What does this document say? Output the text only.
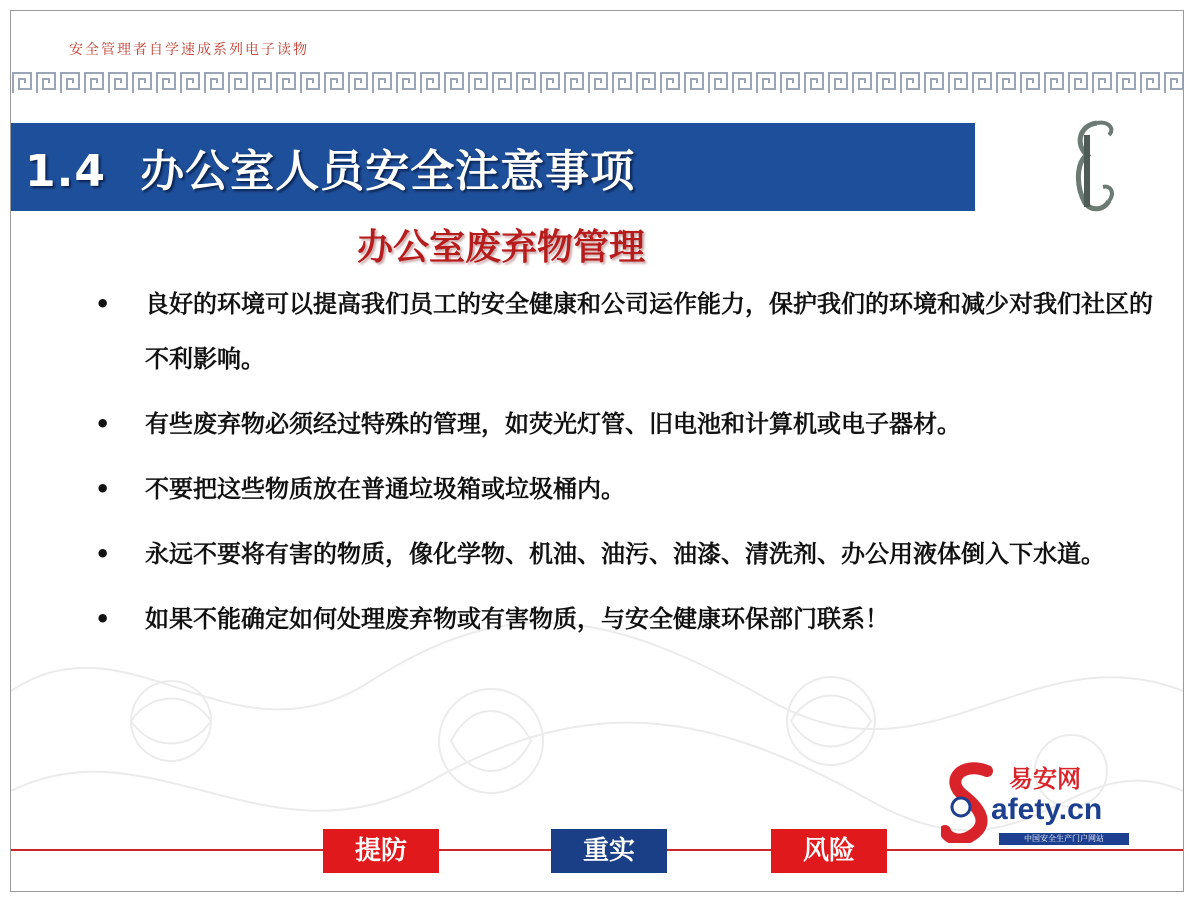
安全管理者自学速成系列电子读物
1.4 办公室人员安全注意事项
办公室废弃物管理
• 良好的环境可以提高我们员工的安全健康和公司运作能力，保护我们的环境和减少对我们社区的不利影响。
• 有些废弃物必须经过特殊的管理，如荧光灯管、旧电池和计算机或电子器材。
• 不要把这些物质放在普通垃圾箱或垃圾桶内。
• 永远不要将有害的物质，像化学物、机油、油污、油漆、清洗剂、办公用液体倒入下水道。
• 如果不能确定如何处理废弃物或有害物质，与安全健康环保部门联系！
易安网
afety.cn
中国安全生产门户网站
提防	重实	风险
